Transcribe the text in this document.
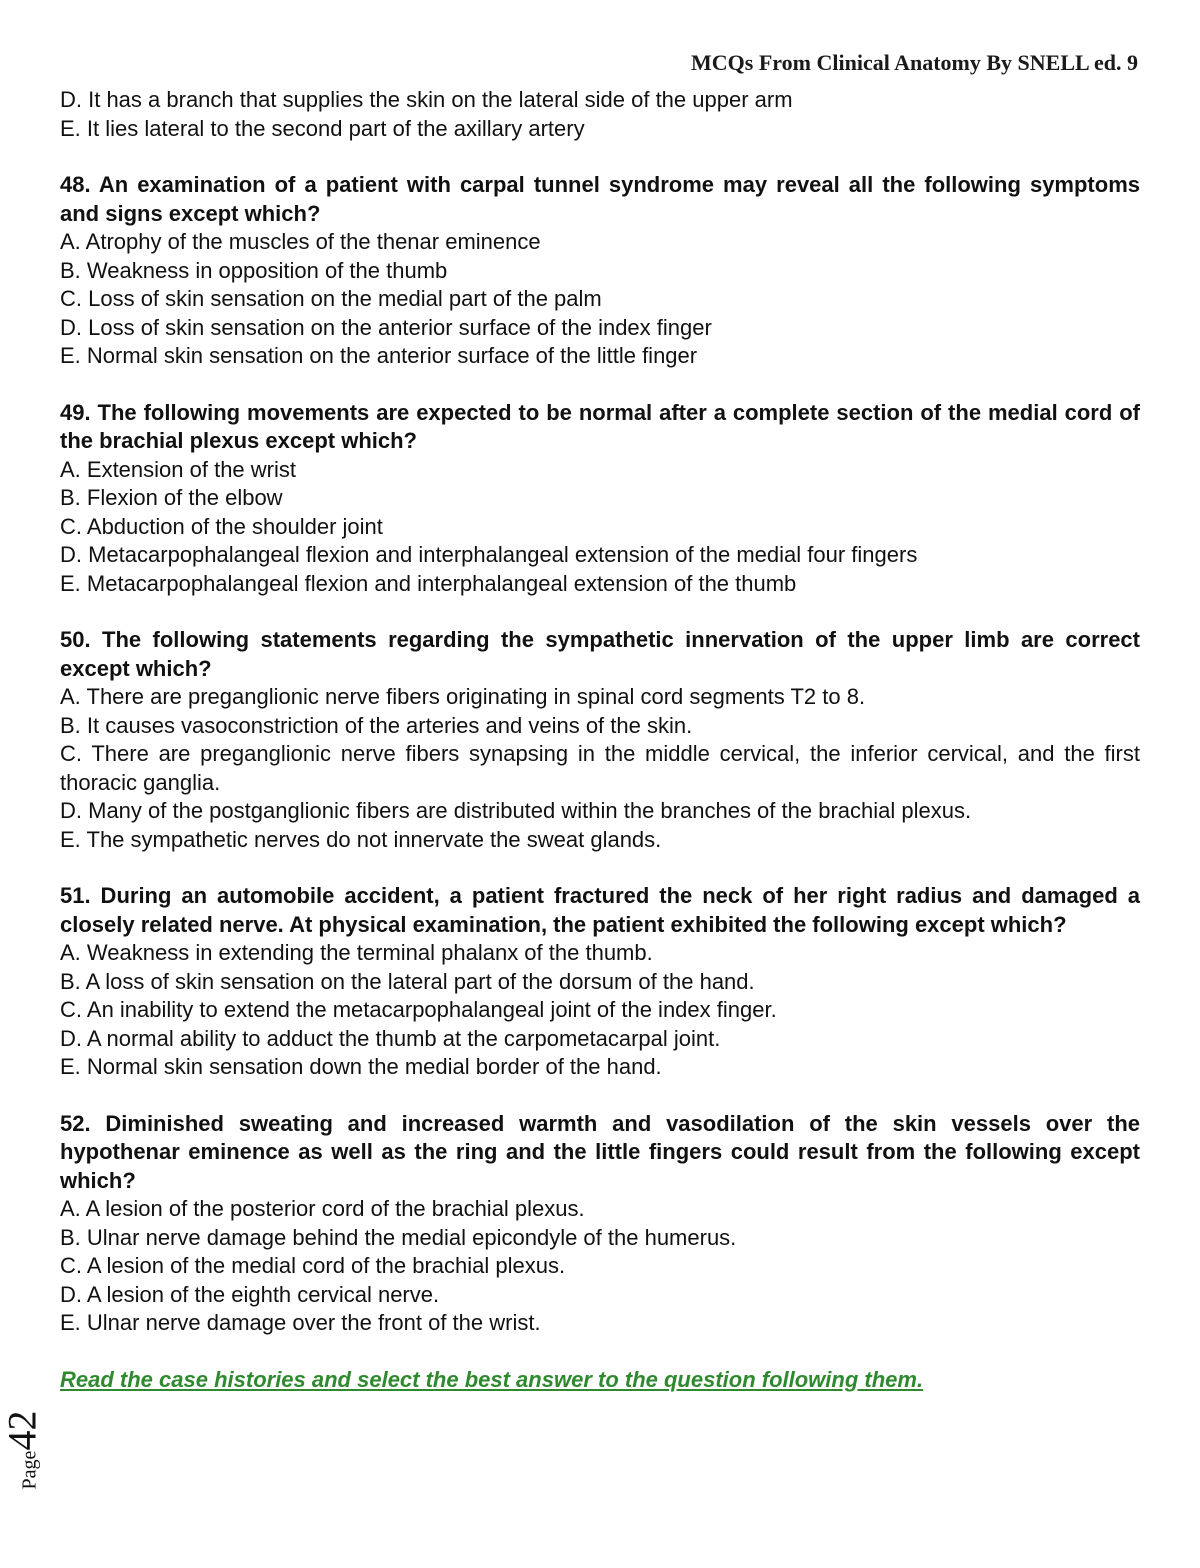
MCQs From Clinical Anatomy By SNELL ed. 9

D. It has a branch that supplies the skin on the lateral side of the upper arm

E. It lies lateral to the second part of the axillary artery

48. An examination of a patient with carpal tunnel syndrome may reveal all the following symptoms and signs except which?

A. Atrophy of the muscles of the thenar eminence

B. Weakness in opposition of the thumb

C. Loss of skin sensation on the medial part of the palm

D. Loss of skin sensation on the anterior surface of the index finger

E. Normal skin sensation on the anterior surface of the little finger

49. The following movements are expected to be normal after a complete section of the medial cord of the brachial plexus except which?

A. Extension of the wrist

B. Flexion of the elbow

C. Abduction of the shoulder joint

D. Metacarpophalangeal flexion and interphalangeal extension of the medial four fingers

E. Metacarpophalangeal flexion and interphalangeal extension of the thumb

50. The following statements regarding the sympathetic innervation of the upper limb are correct except which?

A. There are preganglionic nerve fibers originating in spinal cord segments T2 to 8.

B. It causes vasoconstriction of the arteries and veins of the skin.

C. There are preganglionic nerve fibers synapsing in the middle cervical, the inferior cervical, and the first thoracic ganglia.

D. Many of the postganglionic fibers are distributed within the branches of the brachial plexus.

E. The sympathetic nerves do not innervate the sweat glands.

51. During an automobile accident, a patient fractured the neck of her right radius and damaged a closely related nerve. At physical examination, the patient exhibited the following except which?

A. Weakness in extending the terminal phalanx of the thumb.

B. A loss of skin sensation on the lateral part of the dorsum of the hand.

C. An inability to extend the metacarpophalangeal joint of the index finger.

D. A normal ability to adduct the thumb at the carpometacarpal joint.

E. Normal skin sensation down the medial border of the hand.

52. Diminished sweating and increased warmth and vasodilation of the skin vessels over the hypothenar eminence as well as the ring and the little fingers could result from the following except which?

A. A lesion of the posterior cord of the brachial plexus.

B. Ulnar nerve damage behind the medial epicondyle of the humerus.

C. A lesion of the medial cord of the brachial plexus.

D. A lesion of the eighth cervical nerve.

E. Ulnar nerve damage over the front of the wrist.

Read the case histories and select the best answer to the question following them.

Page42
